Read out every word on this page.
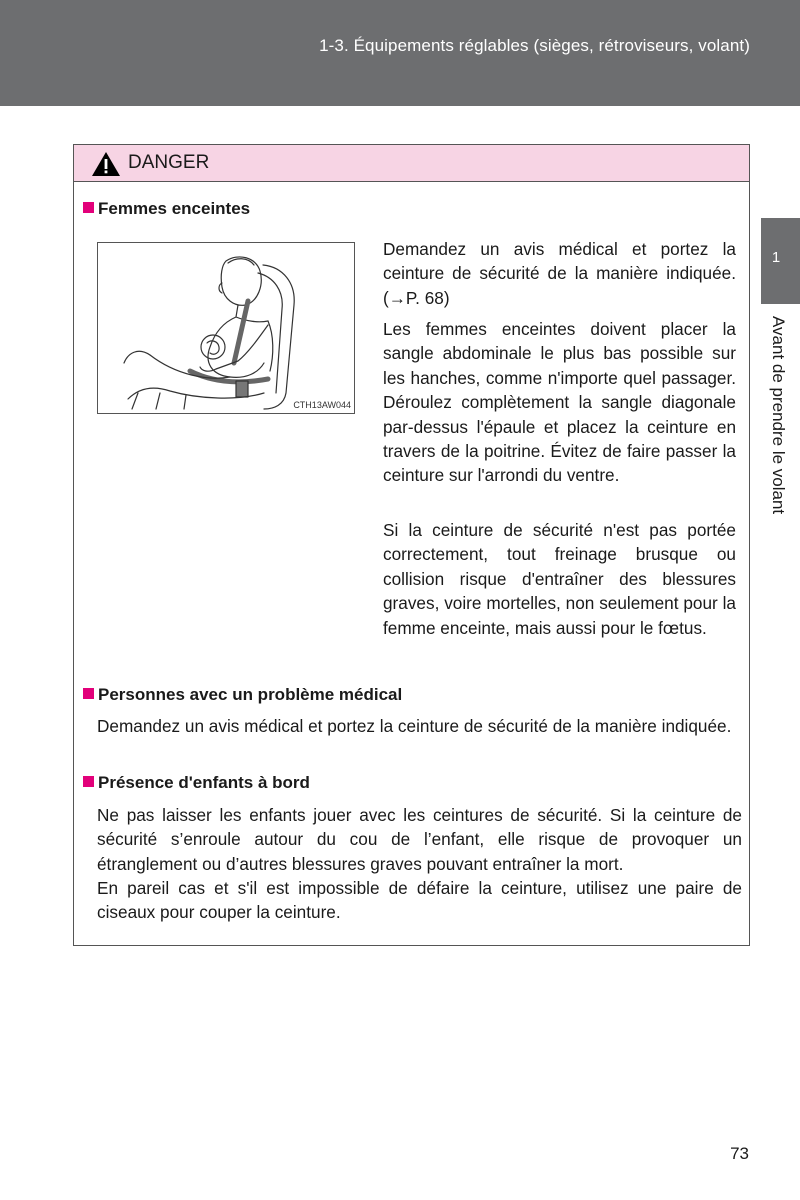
1-3. Équipements réglables (sièges, rétroviseurs, volant)
1
Avant de prendre le volant
DANGER
Femmes enceintes
CTH13AW044
Demandez un avis médical et portez la ceinture de sécurité de la manière indiquée. (→P. 68)
Les femmes enceintes doivent placer la sangle abdominale le plus bas possible sur les hanches, comme n'importe quel passager. Déroulez complètement la sangle diagonale par-dessus l'épaule et placez la ceinture en travers de la poitrine. Évitez de faire passer la ceinture sur l'arrondi du ventre.
Si la ceinture de sécurité n'est pas portée correctement, tout freinage brusque ou collision risque d'entraîner des blessures graves, voire mortelles, non seulement pour la femme enceinte, mais aussi pour le fœtus.
Personnes avec un problème médical
Demandez un avis médical et portez la ceinture de sécurité de la manière indiquée.
Présence d'enfants à bord
Ne pas laisser les enfants jouer avec les ceintures de sécurité. Si la ceinture de sécurité s’enroule autour du cou de l’enfant, elle risque de provoquer un étranglement ou d’autres blessures graves pouvant entraîner la mort.
En pareil cas et s'il est impossible de défaire la ceinture, utilisez une paire de ciseaux pour couper la ceinture.
73
